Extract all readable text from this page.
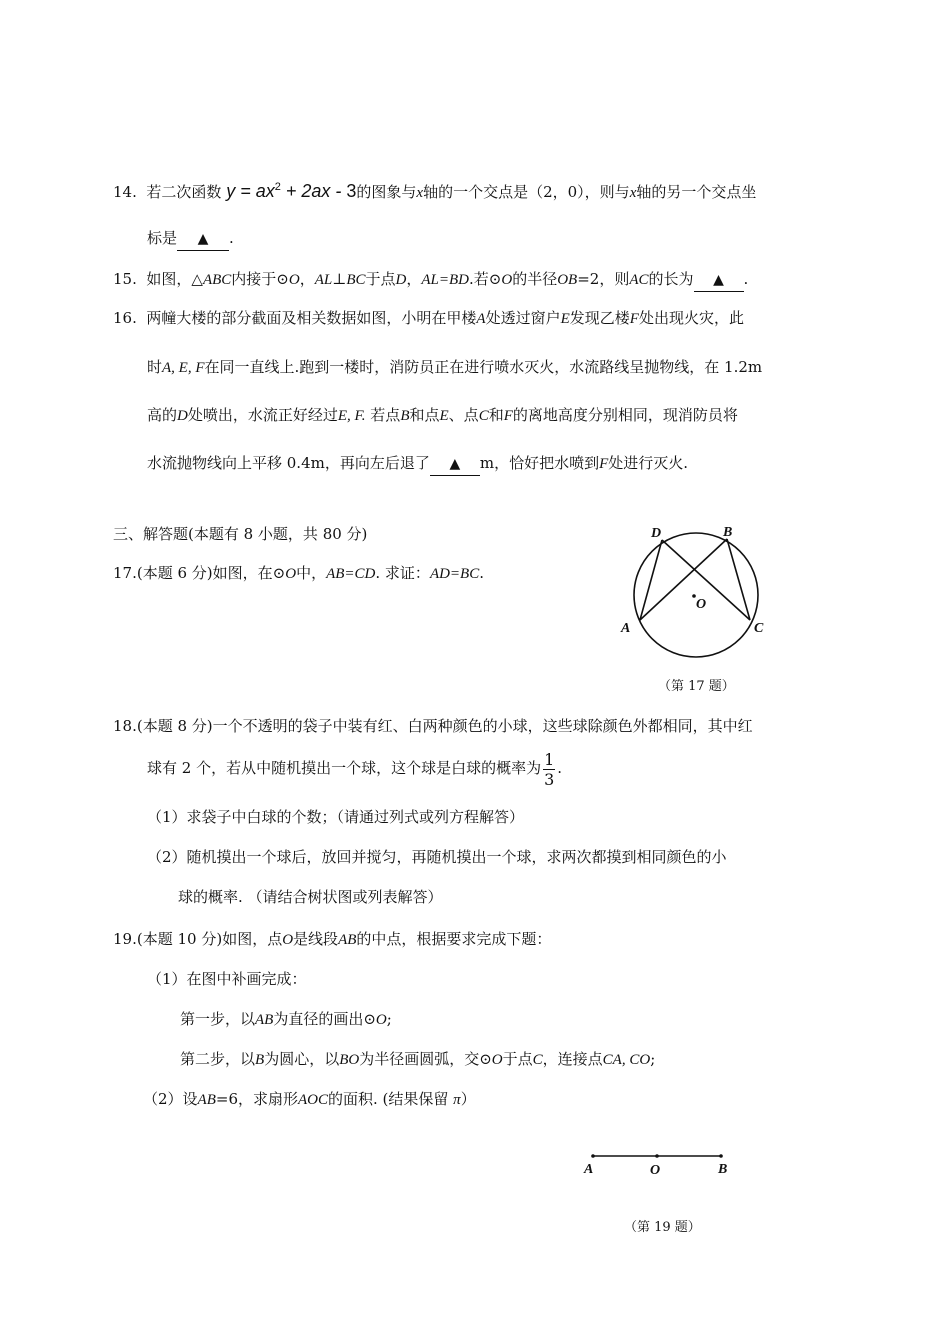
14. 若二次函数 $y = ax^2 + 2ax - 3$的图象与x轴的一个交点是（2，0），则与x轴的另一个交点坐
标是 ▲ .
15. 如图，△ABC内接于⊙O，AL⊥BC于点D，AL=BD.若⊙O的半径OB=2，则AC的长为 ▲ .
16. 两幢大楼的部分截面及相关数据如图，小明在甲楼A处透过窗户E发现乙楼F处出现火灾，此
时A, E, F在同一直线上.跑到一楼时，消防员正在进行喷水灭火，水流路线呈抛物线，在 1.2m
高的D处喷出，水流正好经过E, F. 若点B和点E、点C和F的离地高度分别相同，现消防员将
水流抛物线向上平移 0.4m，再向左后退了 ▲ m，恰好把水喷到F处进行灭火.
三、解答题(本题有 8 小题，共 80 分)
17.(本题 6 分)如图，在⊙O中，AB=CD. 求证：AD=BC.
D	B
A	C
O
（第 17 题）
18.(本题 8 分)一个不透明的袋子中装有红、白两种颜色的小球，这些球除颜色外都相同，其中红
球有 2 个，若从中随机摸出一个球，这个球是白球的概率为 $\frac{1}{3}$ .
（1）求袋子中白球的个数；（请通过列式或列方程解答）
（2）随机摸出一个球后，放回并搅匀，再随机摸出一个球，求两次都摸到相同颜色的小
球的概率. （请结合树状图或列表解答）
19.(本题 10 分)如图，点O是线段AB的中点，根据要求完成下题：
（1）在图中补画完成：
第一步，以AB为直径的画出⊙O;
第二步，以B为圆心，以BO为半径画圆弧，交⊙O于点C，连接点CA, CO;
（2）设AB=6，求扇形AOC的面积. (结果保留 π）
A	O	B
（第 19 题）
